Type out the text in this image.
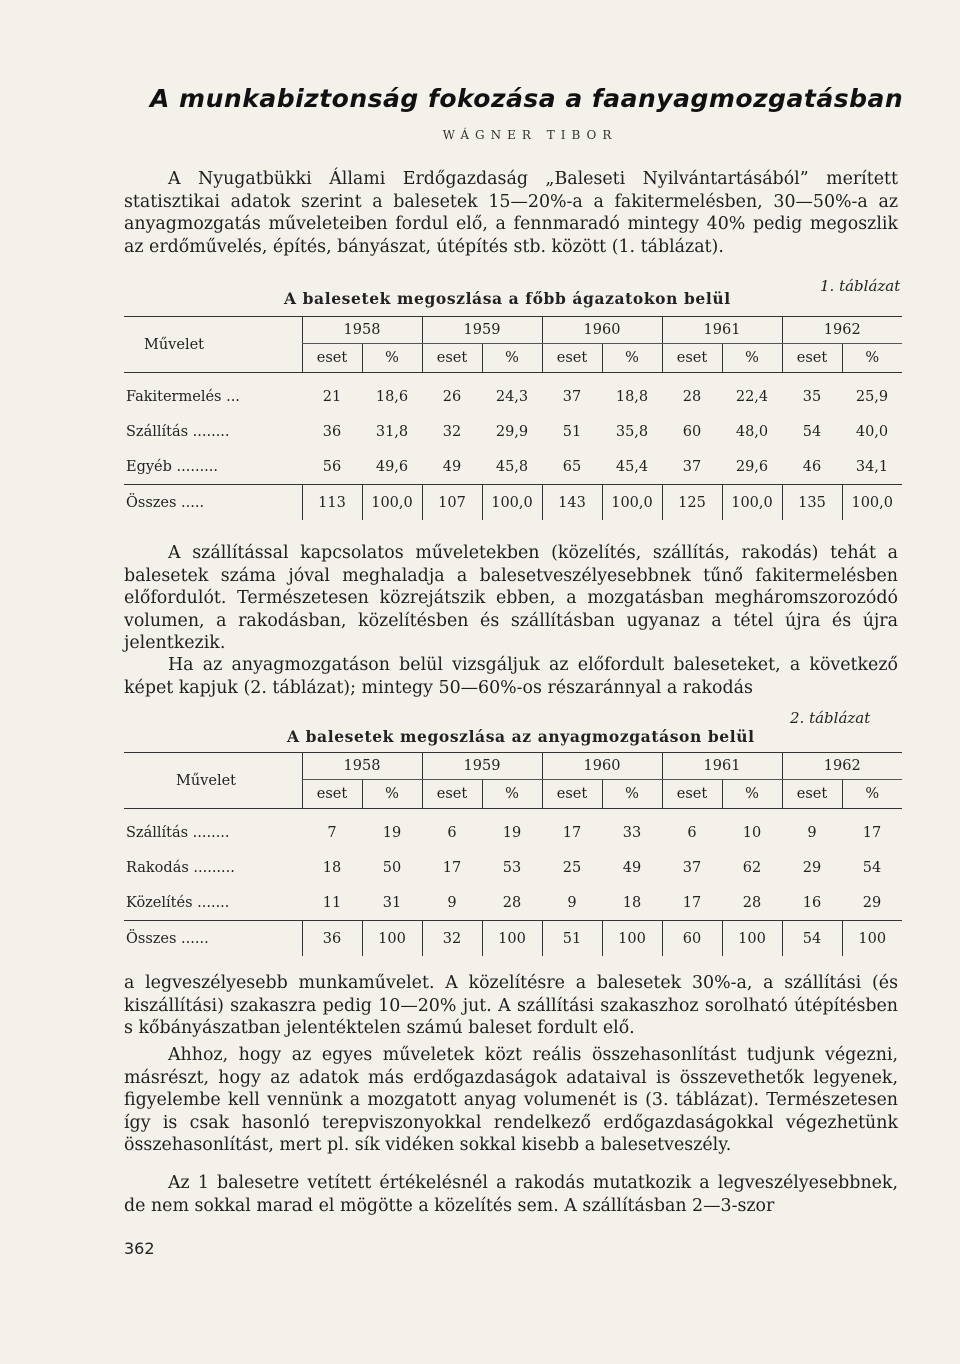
A munkabiztonság fokozása a faanyagmozgatásban
WÁGNER TIBOR
A Nyugatbükki Állami Erdőgazdaság „Baleseti Nyilvántartásából” merített statisztikai adatok szerint a balesetek 15—20%-a a fakitermelésben, 30—50%-a az anyagmozgatás műveleteiben fordul elő, a fennmaradó mintegy 40% pedig megoszlik az erdőművelés, építés, bányászat, útépítés stb. között (1. táblázat).
1. táblázat
A balesetek megoszlása a főbb ágazatokon belül
Művelet	1958		1959		1960		1961		1962	
	eset	%	eset	%	eset	%	eset	%	eset	%

Fakitermelés ...	21	18,6	26	24,3	37	18,8	28	22,4	35	25,9
Szállítás ........	36	31,8	32	29,9	51	35,8	60	48,0	54	40,0
Egyéb .........	56	49,6	49	45,8	65	45,4	37	29,6	46	34,1
Összes .....	113	100,0	107	100,0	143	100,0	125	100,0	135	100,0
A szállítással kapcsolatos műveletekben (közelítés, szállítás, rakodás) tehát a balesetek száma jóval meghaladja a balesetveszélyesebbnek tűnő fakitermelésben előfordulót. Természetesen közrejátszik ebben, a mozgatásban megháromszorozódó volumen, a rakodásban, közelítésben és szállításban ugyanaz a tétel újra és újra jelentkezik.
Ha az anyagmozgatáson belül vizsgáljuk az előfordult baleseteket, a következő képet kapjuk (2. táblázat); mintegy 50—60%-os részaránnyal a rakodás
2. táblázat
A balesetek megoszlása az anyagmozgatáson belül
Művelet	1958		1959		1960		1961		1962	
	eset	%	eset	%	eset	%	eset	%	eset	%

Szállítás ........	7	19	6	19	17	33	6	10	9	17
Rakodás .........	18	50	17	53	25	49	37	62	29	54
Közelítés .......	11	31	9	28	9	18	17	28	16	29
Összes ......	36	100	32	100	51	100	60	100	54	100
a legveszélyesebb munkaművelet. A közelítésre a balesetek 30%-a, a szállítási (és kiszállítási) szakaszra pedig 10—20% jut. A szállítási szakaszhoz sorolható útépítésben s kőbányászatban jelentéktelen számú baleset fordult elő.
Ahhoz, hogy az egyes műveletek közt reális összehasonlítást tudjunk végezni, másrészt, hogy az adatok más erdőgazdaságok adataival is összevethetők legyenek, figyelembe kell vennünk a mozgatott anyag volumenét is (3. táblázat). Természetesen így is csak hasonló terepviszonyokkal rendelkező erdőgazdaságokkal végezhetünk összehasonlítást, mert pl. sík vidéken sokkal kisebb a balesetveszély.
Az 1 balesetre vetített értékelésnél a rakodás mutatkozik a legveszélyesebbnek, de nem sokkal marad el mögötte a közelítés sem. A szállításban 2—3-szor
362
